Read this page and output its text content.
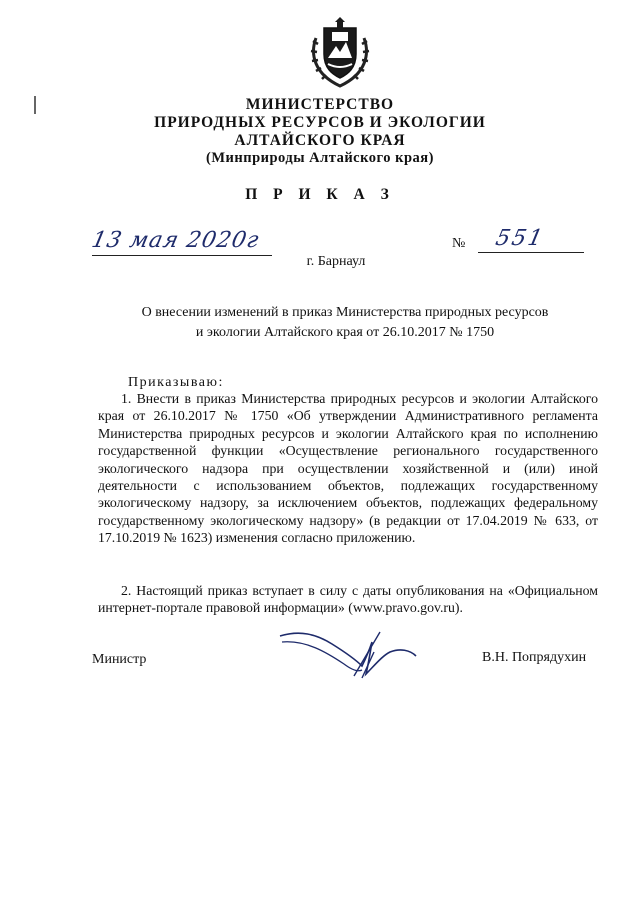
МИНИСТЕРСТВО
ПРИРОДНЫХ РЕСУРСОВ И ЭКОЛОГИИ
АЛТАЙСКОГО КРАЯ
(Минприроды Алтайского края)
П Р И К А З
13 мая 2020г	№ 551
г. Барнаул
О внесении изменений в приказ Министерства природных ресурсов
и экологии Алтайского края от 26.10.2017 № 1750
Приказываю:
1. Внести в приказ Министерства природных ресурсов и экологии Алтайского края от 26.10.2017 № 1750 «Об утверждении Административного регламента Министерства природных ресурсов и экологии Алтайского края по исполнению государственной функции «Осуществление регионального государственного экологического надзора при осуществлении хозяйственной и (или) иной деятельности с использованием объектов, подлежащих государственному экологическому надзору, за исключением объектов, подлежащих федеральному государственному экологическому надзору» (в редакции от 17.04.2019 № 633, от 17.10.2019 № 1623) изменения согласно приложению.
2. Настоящий приказ вступает в силу с даты опубликования на «Официальном интернет-портале правовой информации» (www.pravo.gov.ru).
Министр	В.Н. Попрядухин
